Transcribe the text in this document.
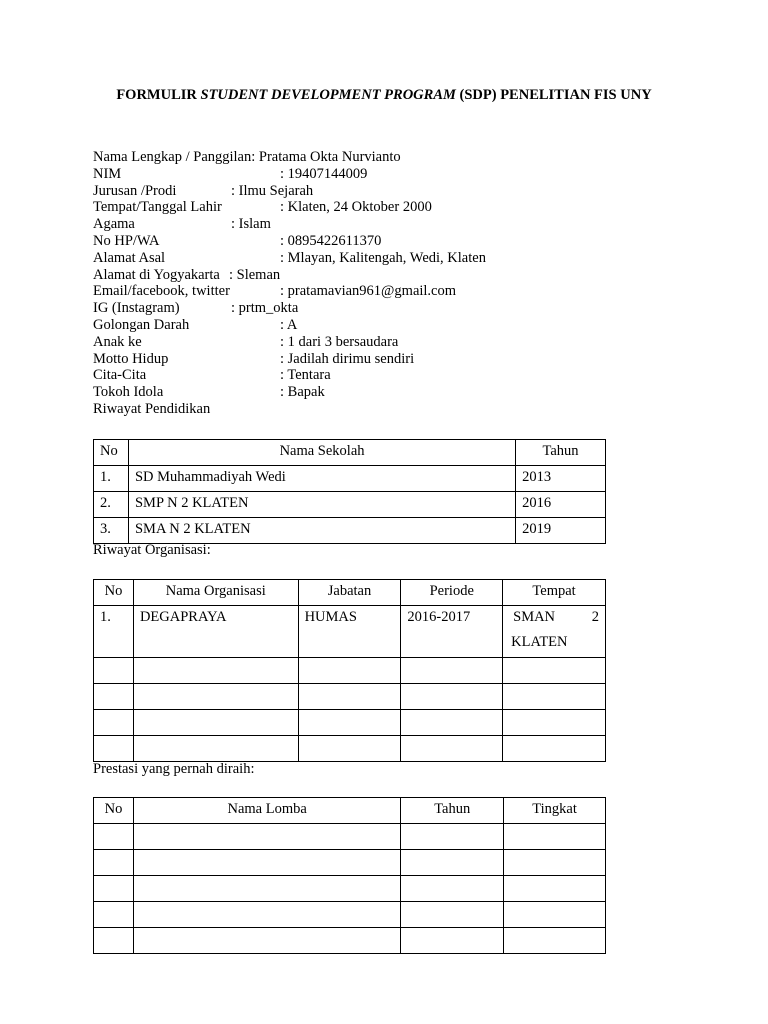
FORMULIR STUDENT DEVELOPMENT PROGRAM (SDP) PENELITIAN FIS UNY
Nama Lengkap / Panggilan: Pratama Okta Nurvianto
NIM	: 19407144009
Jurusan /Prodi	: Ilmu Sejarah
Tempat/Tanggal Lahir	: Klaten, 24 Oktober 2000
Agama	: Islam
No HP/WA	: 0895422611370
Alamat Asal	: Mlayan, Kalitengah, Wedi, Klaten
Alamat di Yogyakarta : Sleman
Email/facebook, twitter	: pratamavian961@gmail.com
IG (Instagram)	: prtm_okta
Golongan Darah	: A
Anak ke	: 1 dari 3 bersaudara
Motto Hidup	: Jadilah dirimu sendiri
Cita-Cita	: Tentara
Tokoh Idola	: Bapak
Riwayat Pendidikan
No	Nama Sekolah	Tahun
1.	SD Muhammadiyah Wedi	2013
2.	SMP N 2 KLATEN	2016
3.	SMA N 2 KLATEN	2019
Riwayat Organisasi:
No	Nama Organisasi	Jabatan	Periode	Tempat
1.	DEGAPRAYA	HUMAS	2016-2017	SMAN 2
KLATEN

Prestasi yang pernah diraih:
No	Nama Lomba	Tahun	Tingkat
